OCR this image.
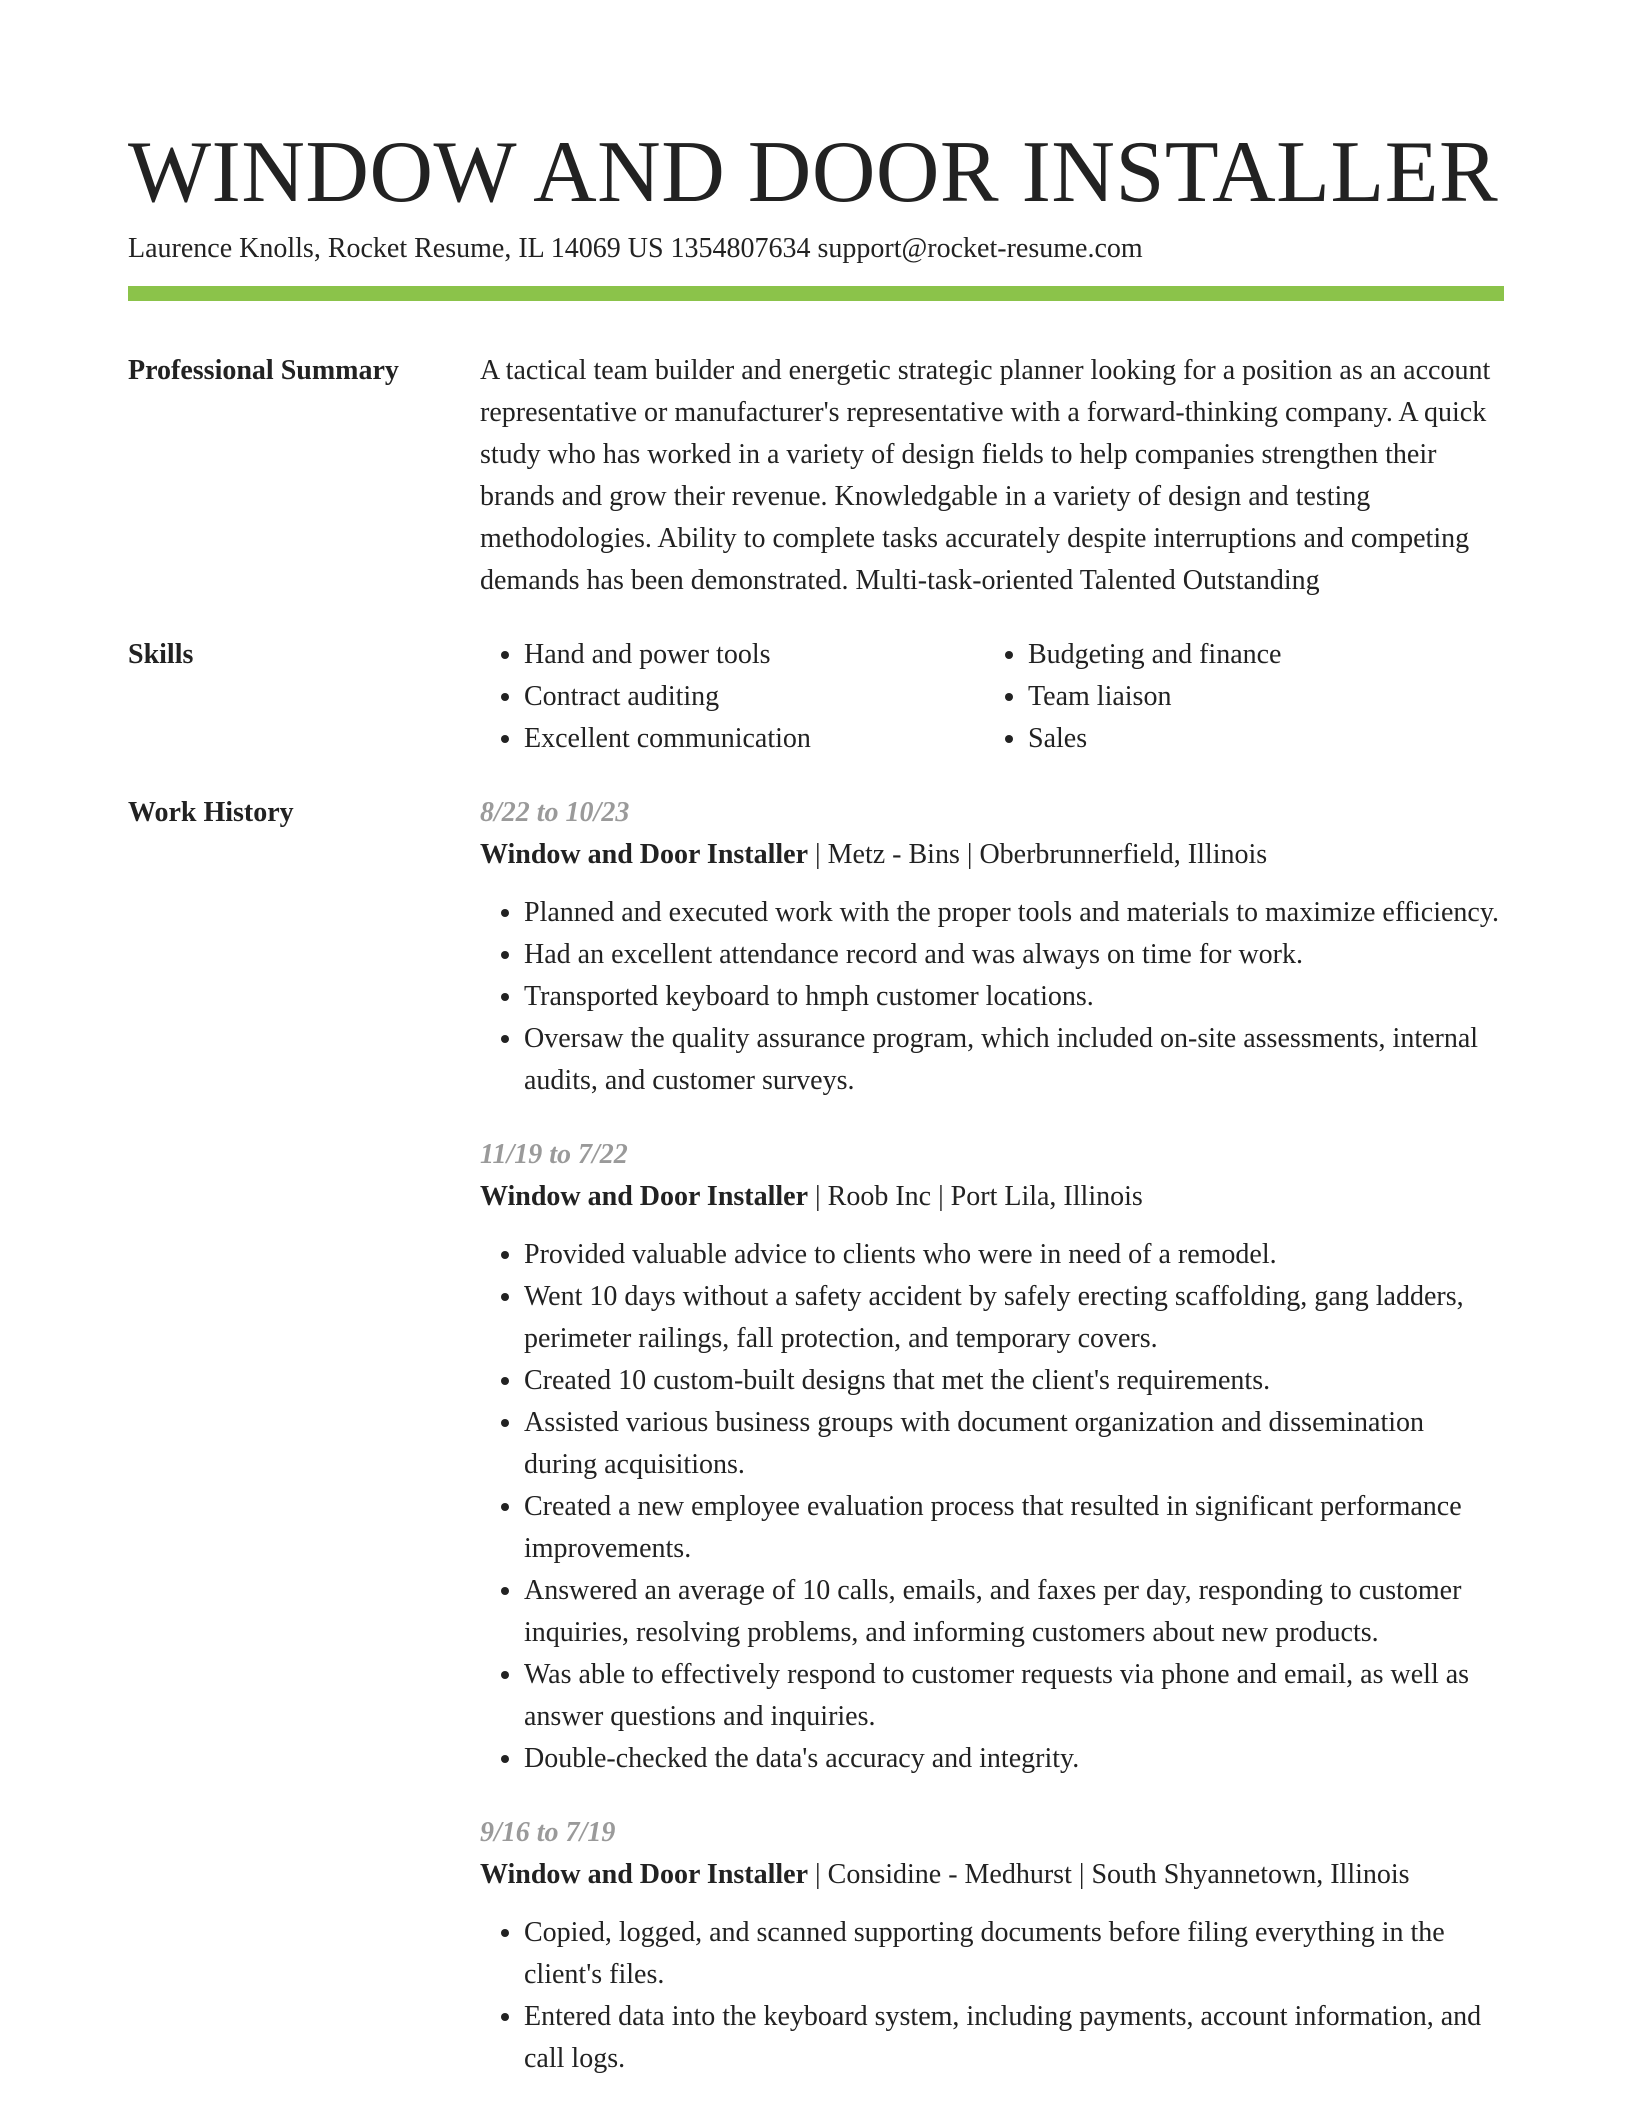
WINDOW AND DOOR INSTALLER
Laurence Knolls, Rocket Resume, IL 14069 US 1354807634 support@rocket-resume.com
Professional Summary	A tactical team builder and energetic strategic planner looking for a position as an account representative or manufacturer's representative with a forward-thinking company. A quick study who has worked in a variety of design fields to help companies strengthen their brands and grow their revenue. Knowledgable in a variety of design and testing methodologies. Ability to complete tasks accurately despite interruptions and competing demands has been demonstrated. Multi-task-oriented Talented Outstanding

Skills
•	Hand and power tools
• Contract auditing
• Excellent communication
• Budgeting and finance
• Team liaison
• Sales
Work History	8/22 to 10/23
Window and Door Installer | Metz - Bins | Oberbrunnerfield, Illinois
• Planned and executed work with the proper tools and materials to maximize efficiency.
• Had an excellent attendance record and was always on time for work.
• Transported keyboard to hmph customer locations.
• Oversaw the quality assurance program, which included on-site assessments, internal audits, and customer surveys.
11/19 to 7/22
Window and Door Installer | Roob Inc | Port Lila, Illinois
• Provided valuable advice to clients who were in need of a remodel.
• Went 10 days without a safety accident by safely erecting scaffolding, gang ladders, perimeter railings, fall protection, and temporary covers.
• Created 10 custom-built designs that met the client's requirements.
• Assisted various business groups with document organization and dissemination during acquisitions.
• Created a new employee evaluation process that resulted in significant performance improvements.
• Answered an average of 10 calls, emails, and faxes per day, responding to customer inquiries, resolving problems, and informing customers about new products.
• Was able to effectively respond to customer requests via phone and email, as well as answer questions and inquiries.
• Double-checked the data's accuracy and integrity.
9/16 to 7/19
Window and Door Installer | Considine - Medhurst | South Shyannetown, Illinois
• Copied, logged, and scanned supporting documents before filing everything in the client's files.
• Entered data into the keyboard system, including payments, account information, and call logs.
